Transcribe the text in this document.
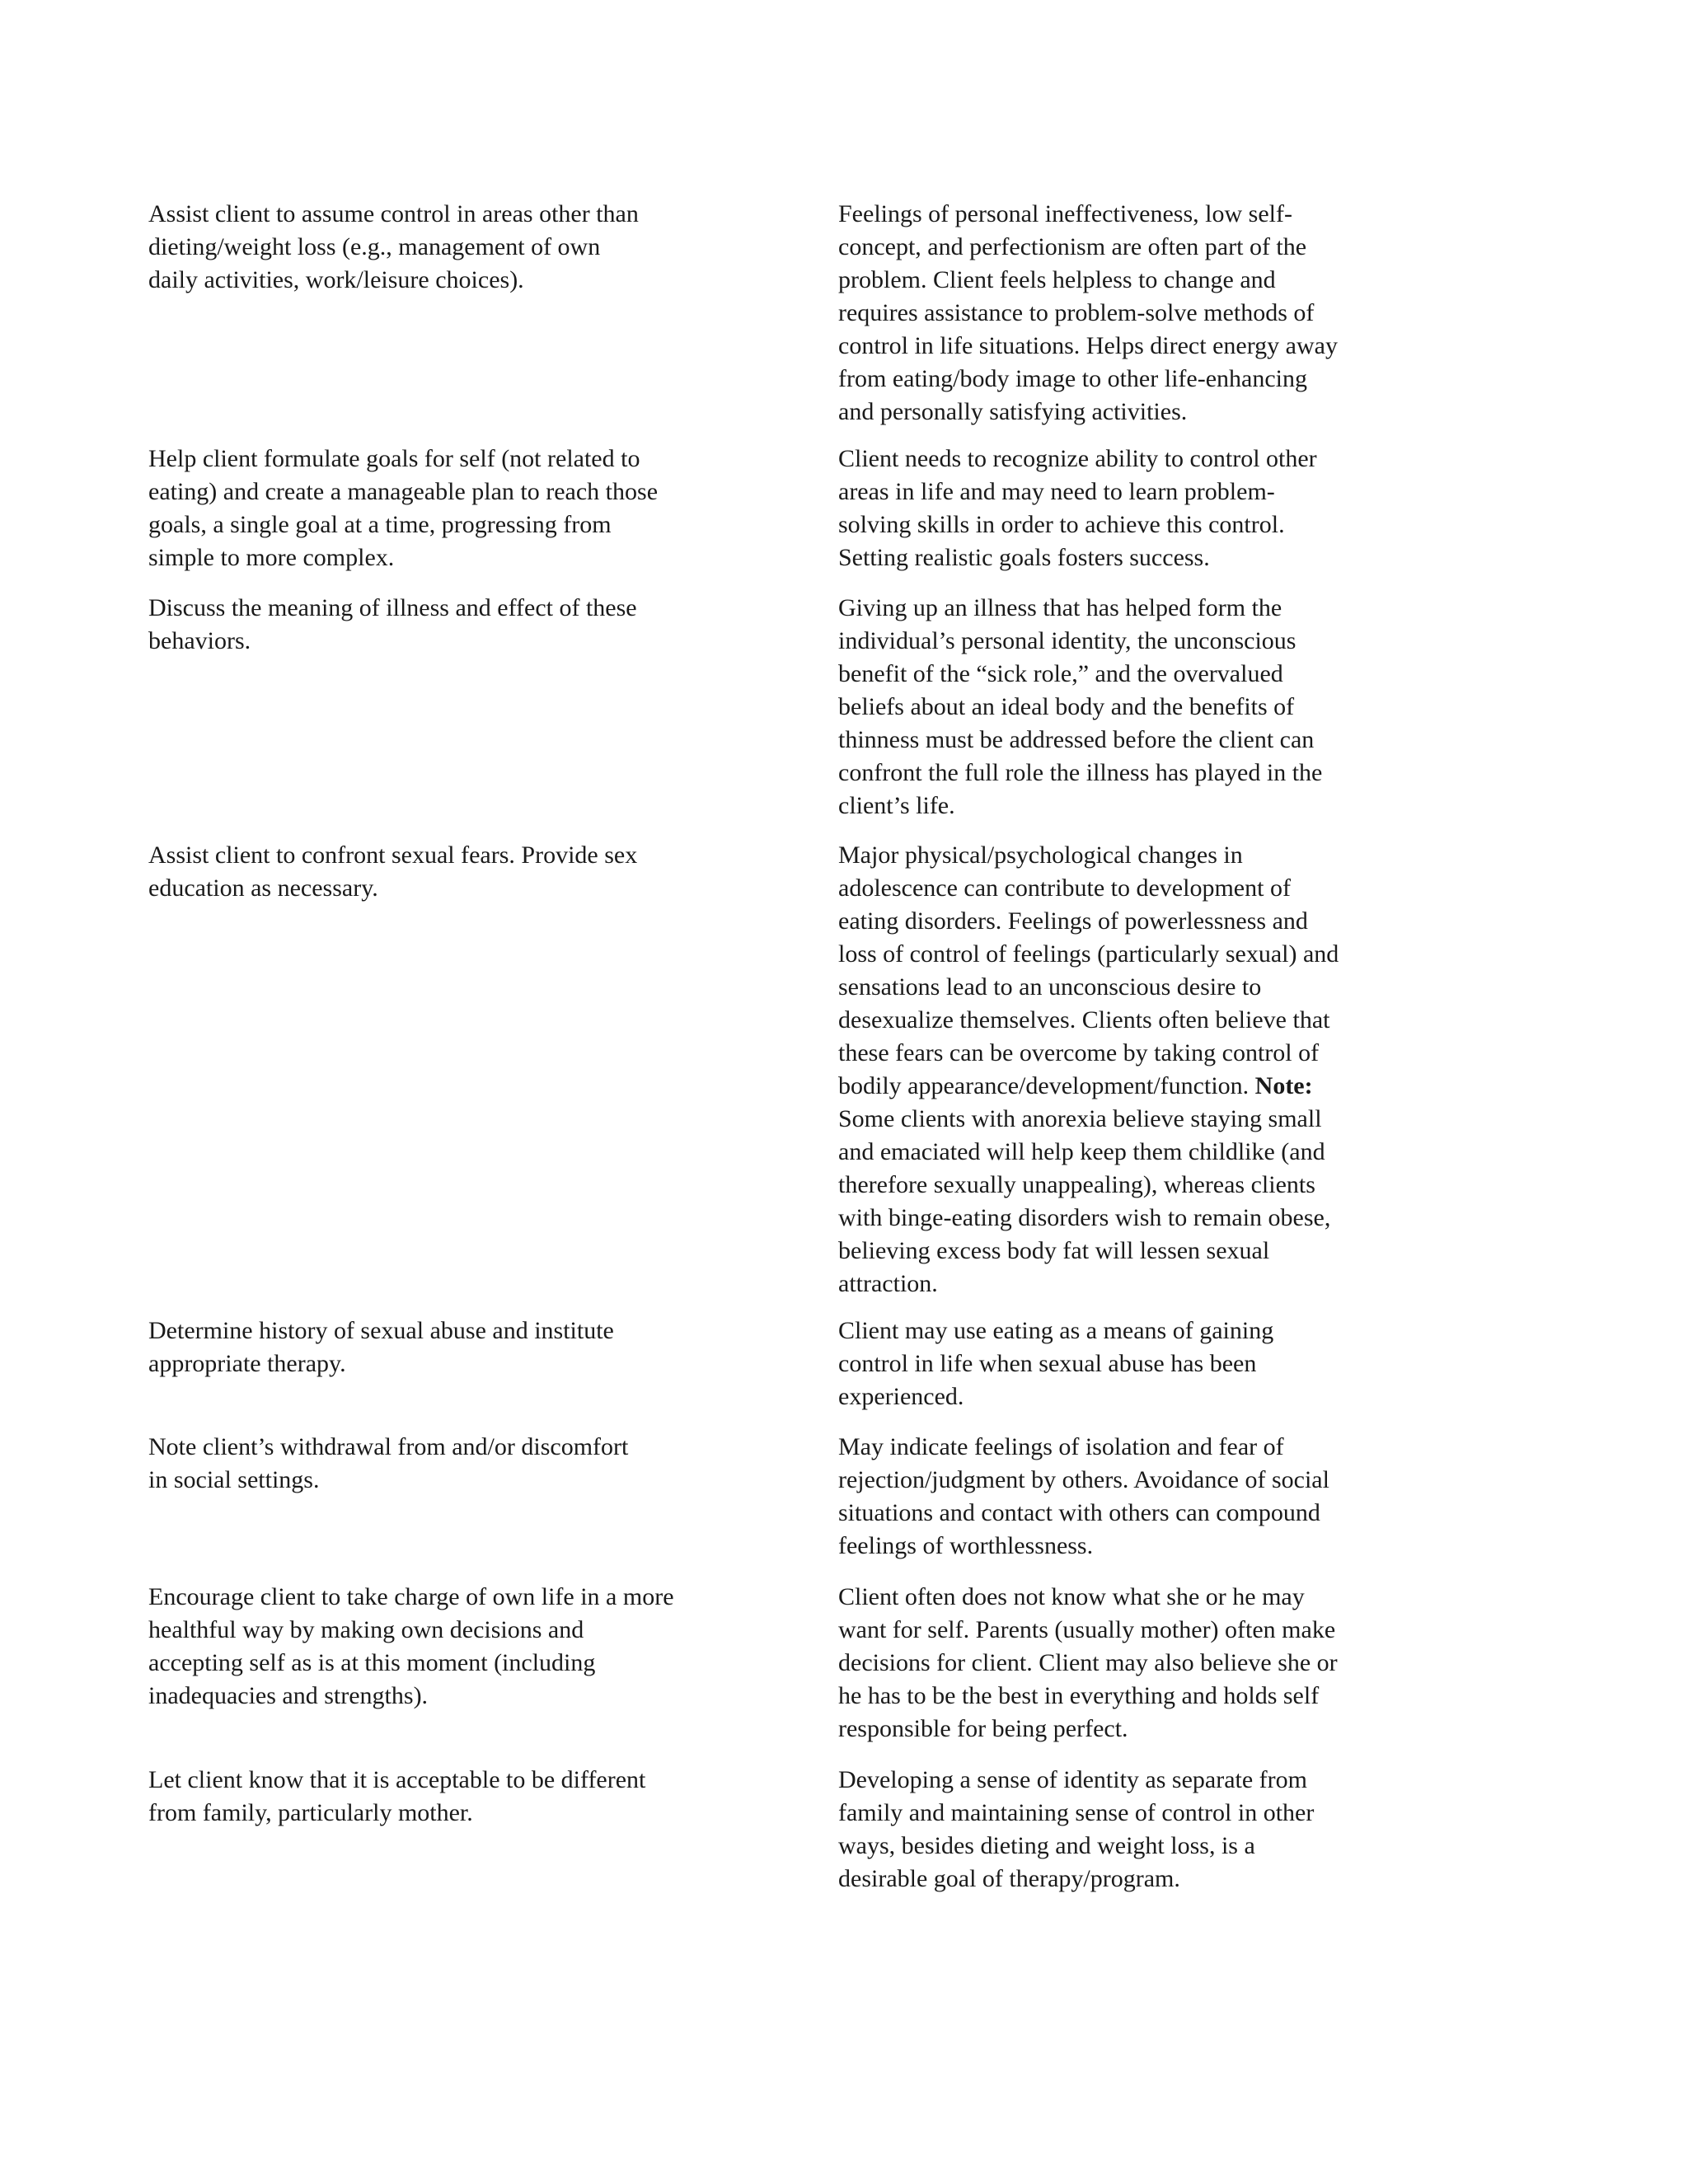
Assist client to assume control in areas other than
dieting/weight loss (e.g., management of own
daily activities, work/leisure choices).
Feelings of personal ineffectiveness, low self-
concept, and perfectionism are often part of the
problem. Client feels helpless to change and
requires assistance to problem-solve methods of
control in life situations. Helps direct energy away
from eating/body image to other life-enhancing
and personally satisfying activities.
Help client formulate goals for self (not related to
eating) and create a manageable plan to reach those
goals, a single goal at a time, progressing from
simple to more complex.
Client needs to recognize ability to control other
areas in life and may need to learn problem-
solving skills in order to achieve this control.
Setting realistic goals fosters success.
Discuss the meaning of illness and effect of these
behaviors.
Giving up an illness that has helped form the
individual’s personal identity, the unconscious
benefit of the “sick role,” and the overvalued
beliefs about an ideal body and the benefits of
thinness must be addressed before the client can
confront the full role the illness has played in the
client’s life.
Assist client to confront sexual fears. Provide sex
education as necessary.
Major physical/psychological changes in
adolescence can contribute to development of
eating disorders. Feelings of powerlessness and
loss of control of feelings (particularly sexual) and
sensations lead to an unconscious desire to
desexualize themselves. Clients often believe that
these fears can be overcome by taking control of
bodily appearance/development/function. Note:
Some clients with anorexia believe staying small
and emaciated will help keep them childlike (and
therefore sexually unappealing), whereas clients
with binge-eating disorders wish to remain obese,
believing excess body fat will lessen sexual
attraction.
Determine history of sexual abuse and institute
appropriate therapy.
Client may use eating as a means of gaining
control in life when sexual abuse has been
experienced.
Note client’s withdrawal from and/or discomfort
in social settings.
May indicate feelings of isolation and fear of
rejection/judgment by others. Avoidance of social
situations and contact with others can compound
feelings of worthlessness.
Encourage client to take charge of own life in a more
healthful way by making own decisions and
accepting self as is at this moment (including
inadequacies and strengths).
Client often does not know what she or he may
want for self. Parents (usually mother) often make
decisions for client. Client may also believe she or
he has to be the best in everything and holds self
responsible for being perfect.
Let client know that it is acceptable to be different
from family, particularly mother.
Developing a sense of identity as separate from
family and maintaining sense of control in other
ways, besides dieting and weight loss, is a
desirable goal of therapy/program.
